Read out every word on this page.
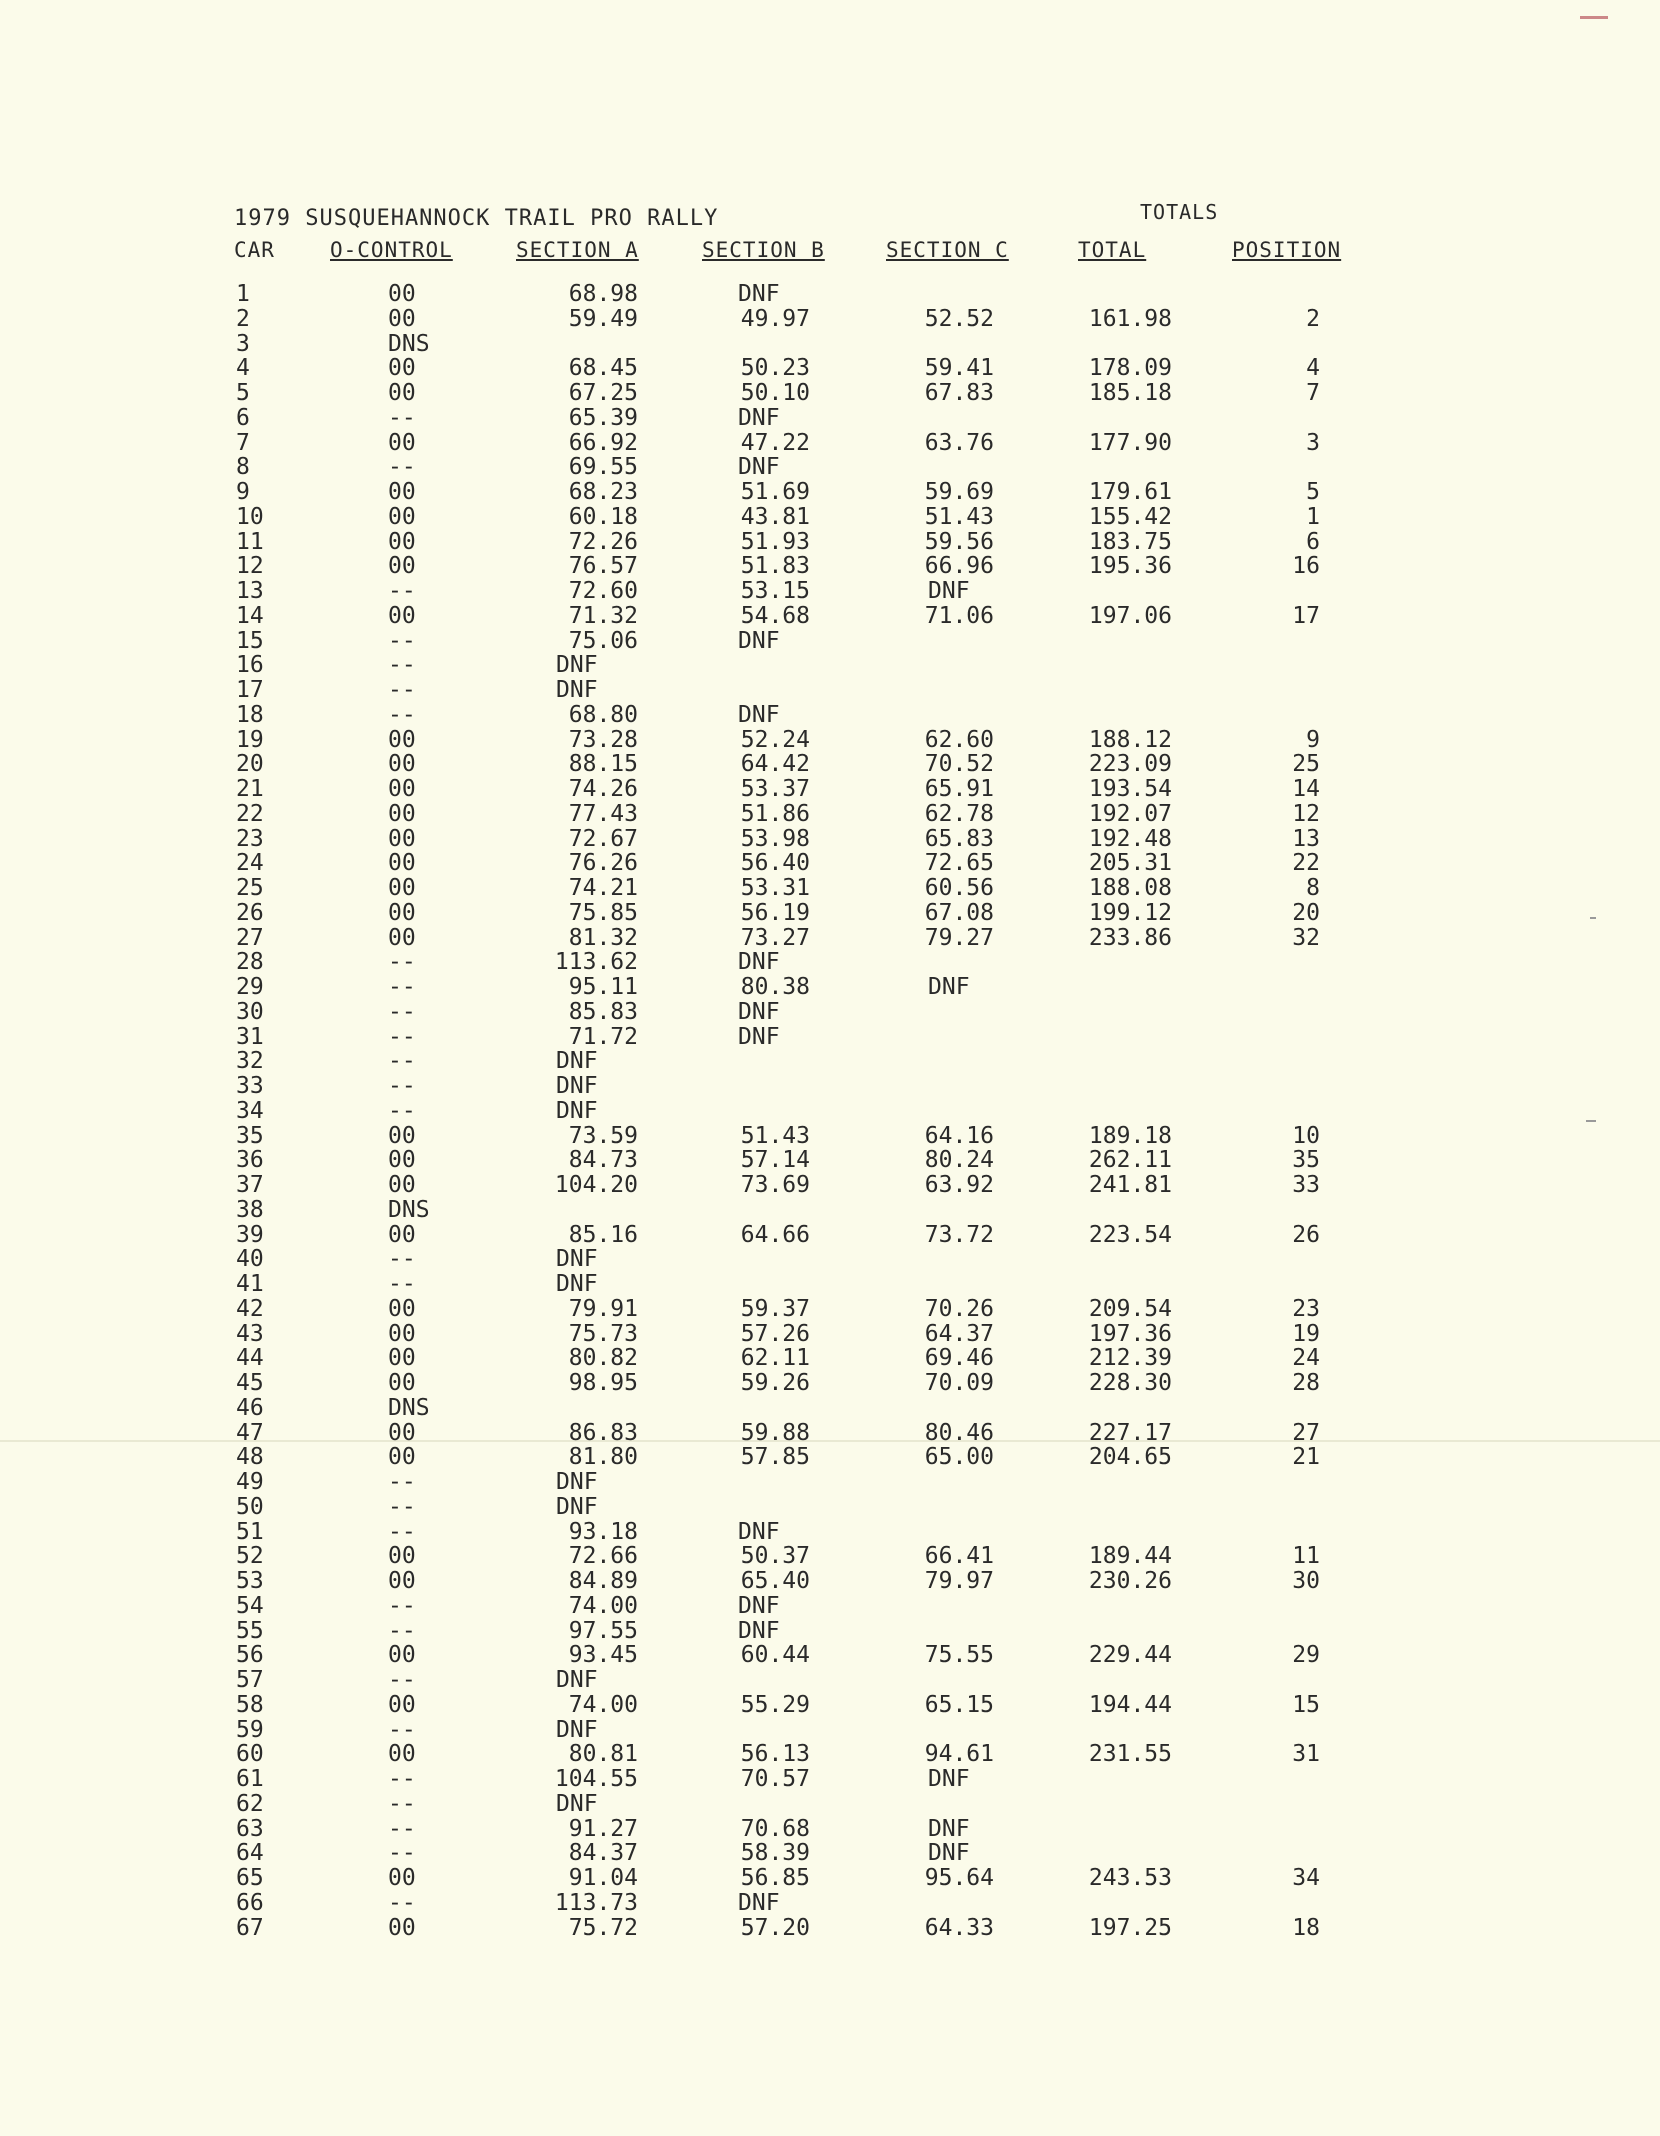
1979 SUSQUEHANNOCK TRAIL PRO RALLY	TOTALS
CAR	O-CONTROL	SECTION A	SECTION B	SECTION C	TOTAL	POSITION
1	00	68.98	DNF
2	00	59.49	49.97	52.52	161.98	2
3	DNS
4	00	68.45	50.23	59.41	178.09	4
5	00	67.25	50.10	67.83	185.18	7
6	--	65.39	DNF
7	00	66.92	47.22	63.76	177.90	3
8	--	69.55	DNF
9	00	68.23	51.69	59.69	179.61	5
10	00	60.18	43.81	51.43	155.42	1
11	00	72.26	51.93	59.56	183.75	6
12	00	76.57	51.83	66.96	195.36	16
13	--	72.60	53.15	DNF
14	00	71.32	54.68	71.06	197.06	17
15	--	75.06	DNF
16	--	DNF
17	--	DNF
18	--	68.80	DNF
19	00	73.28	52.24	62.60	188.12	9
20	00	88.15	64.42	70.52	223.09	25
21	00	74.26	53.37	65.91	193.54	14
22	00	77.43	51.86	62.78	192.07	12
23	00	72.67	53.98	65.83	192.48	13
24	00	76.26	56.40	72.65	205.31	22
25	00	74.21	53.31	60.56	188.08	8
26	00	75.85	56.19	67.08	199.12	20
27	00	81.32	73.27	79.27	233.86	32
28	--	113.62	DNF
29	--	95.11	80.38	DNF
30	--	85.83	DNF
31	--	71.72	DNF
32	--	DNF
33	--	DNF
34	--	DNF
35	00	73.59	51.43	64.16	189.18	10
36	00	84.73	57.14	80.24	262.11	35
37	00	104.20	73.69	63.92	241.81	33
38	DNS
39	00	85.16	64.66	73.72	223.54	26
40	--	DNF
41	--	DNF
42	00	79.91	59.37	70.26	209.54	23
43	00	75.73	57.26	64.37	197.36	19
44	00	80.82	62.11	69.46	212.39	24
45	00	98.95	59.26	70.09	228.30	28
46	DNS
47	00	86.83	59.88	80.46	227.17	27
48	00	81.80	57.85	65.00	204.65	21
49	--	DNF
50	--	DNF
51	--	93.18	DNF
52	00	72.66	50.37	66.41	189.44	11
53	00	84.89	65.40	79.97	230.26	30
54	--	74.00	DNF
55	--	97.55	DNF
56	00	93.45	60.44	75.55	229.44	29
57	--	DNF
58	00	74.00	55.29	65.15	194.44	15
59	--	DNF
60	00	80.81	56.13	94.61	231.55	31
61	--	104.55	70.57	DNF
62	--	DNF
63	--	91.27	70.68	DNF
64	--	84.37	58.39	DNF
65	00	91.04	56.85	95.64	243.53	34
66	--	113.73	DNF
67	00	75.72	57.20	64.33	197.25	18
